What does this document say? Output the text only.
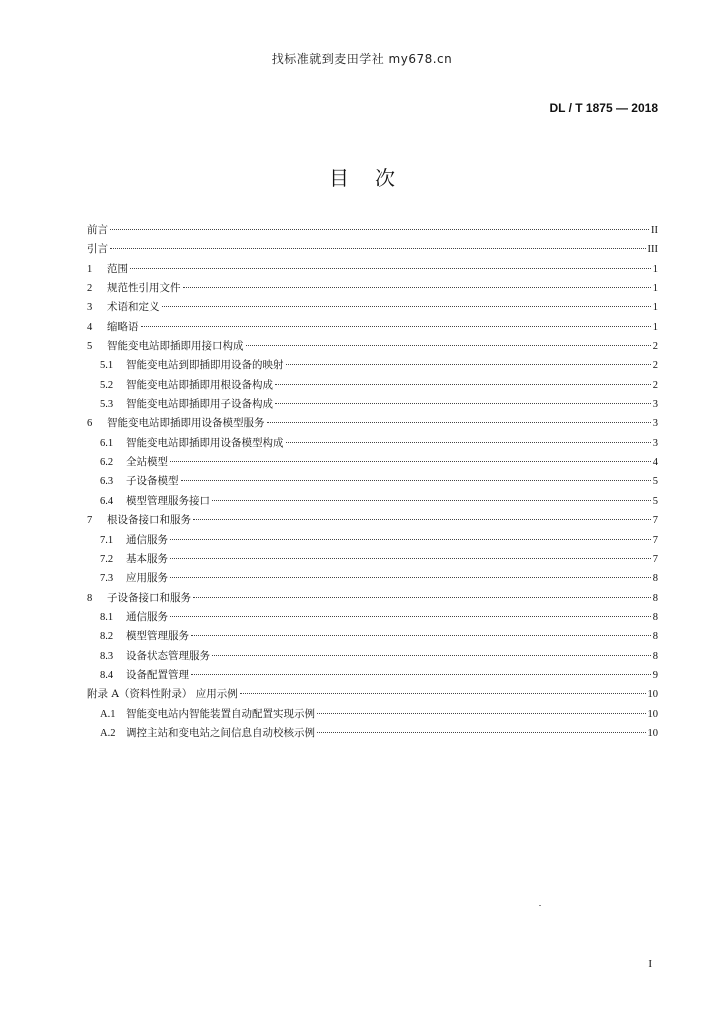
找标准就到麦田学社 my678.cn
DL / T 1875 — 2018
目次
前言	II
引言	III
1	范围	1
2	规范性引用文件	1
3	术语和定义	1
4	缩略语	1
5	智能变电站即插即用接口构成	2
5.1	智能变电站到即插即用设备的映射	2
5.2	智能变电站即插即用根设备构成	2
5.3	智能变电站即插即用子设备构成	3
6	智能变电站即插即用设备模型服务	3
6.1	智能变电站即插即用设备模型构成	3
6.2	全站模型	4
6.3	子设备模型	5
6.4	模型管理服务接口	5
7	根设备接口和服务	7
7.1	通信服务	7
7.2	基本服务	7
7.3	应用服务	8
8	子设备接口和服务	8
8.1	通信服务	8
8.2	模型管理服务	8
8.3	设备状态管理服务	8
8.4	设备配置管理	9
附录 A（资料性附录） 应用示例	10
A.1	智能变电站内智能装置自动配置实现示例	10
A.2	调控主站和变电站之间信息自动校核示例	10
I
